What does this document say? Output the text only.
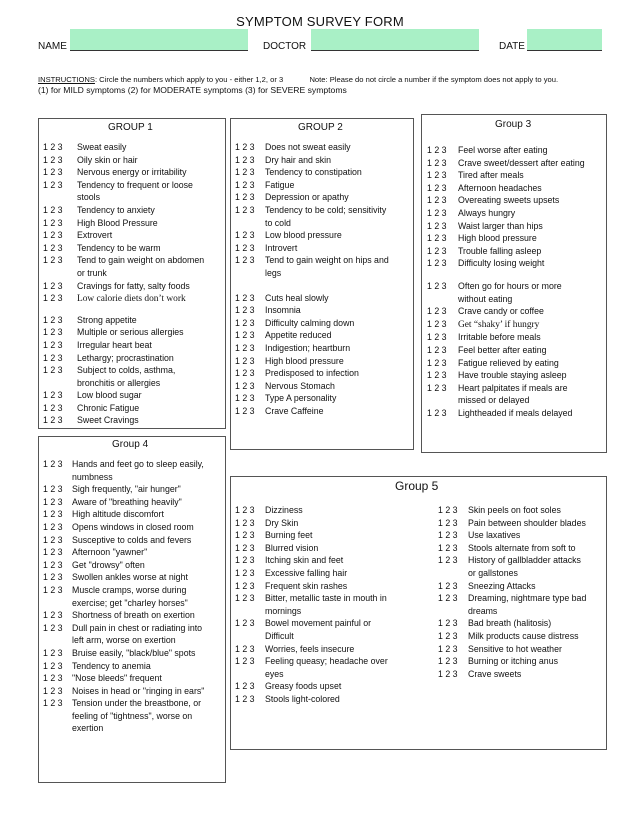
SYMPTOM SURVEY FORM
NAME	DOCTOR	DATE
INSTRUCTIONS: Circle the numbers which apply to you - either 1,2, or 3	Note: Please do not circle a number if the symptom does not apply to you.
(1) for MILD symptoms (2) for MODERATE symptoms (3) for SEVERE symptoms
GROUP 1	GROUP 2	Group 3
Group 4
Group 5
1 2 3 Sweat easily
1 2 3 Oily skin or hair
1 2 3 Nervous energy or irritability
1 2 3 Tendency to frequent or loose
stools
1 2 3 Tendency to anxiety
1 2 3 High Blood Pressure
1 2 3 Extrovert
1 2 3 Tendency to be warm
1 2 3 Tend to gain weight on abdomen
or trunk
1 2 3 Cravings for fatty, salty foods
1 2 3 Low calorie diets don’t work
1 2 3 Strong appetite
1 2 3 Multiple or serious allergies
1 2 3 Irregular heart beat
1 2 3 Lethargy; procrastination
1 2 3 Subject to colds, asthma,
bronchitis or allergies
1 2 3 Low blood sugar
1 2 3 Chronic Fatigue
1 2 3 Sweet Cravings
1 2 3 Does not sweat easily
1 2 3 Dry hair and skin
1 2 3 Tendency to constipation
1 2 3 Fatigue
1 2 3 Depression or apathy
1 2 3 Tendency to be cold; sensitivity
to cold
1 2 3 Low blood pressure
1 2 3 Introvert
1 2 3 Tend to gain weight on hips and
legs
1 2 3 Cuts heal slowly
1 2 3 Insomnia
1 2 3 Difficulty calming down
1 2 3 Appetite reduced
1 2 3 Indigestion; heartburn
1 2 3 High blood pressure
1 2 3 Predisposed to infection
1 2 3 Nervous Stomach
1 2 3 Type A personality
1 2 3 Crave Caffeine
1 2 3 Feel worse after eating
1 2 3 Crave sweet/dessert after eating
1 2 3 Tired after meals
1 2 3 Afternoon headaches
1 2 3 Overeating sweets upsets
1 2 3 Always hungry
1 2 3 Waist larger than hips
1 2 3 High blood pressure
1 2 3 Trouble falling asleep
1 2 3 Difficulty losing weight
1 2 3 Often go for hours or more
without eating
1 2 3 Crave candy or coffee
1 2 3 Get “shaky’ if hungry
1 2 3 Irritable before meals
1 2 3 Feel better after eating
1 2 3 Fatigue relieved by eating
1 2 3 Have trouble staying asleep
1 2 3 Heart palpitates if meals are
missed or delayed
1 2 3 Lightheaded if meals delayed
1 2 3 Hands and feet go to sleep easily,
numbness
1 2 3 Sigh frequently, "air hunger"
1 2 3 Aware of "breathing heavily"
1 2 3 High altitude discomfort
1 2 3 Opens windows in closed room
1 2 3 Susceptive to colds and fevers
1 2 3 Afternoon "yawner"
1 2 3 Get "drowsy" often
1 2 3 Swollen ankles worse at night
1 2 3 Muscle cramps, worse during
exercise; get "charley horses"
1 2 3 Shortness of breath on exertion
1 2 3 Dull pain in chest or radiating into
left arm, worse on exertion
1 2 3 Bruise easily, "black/blue" spots
1 2 3 Tendency to anemia
1 2 3 "Nose bleeds" frequent
1 2 3 Noises in head or "ringing in ears"
1 2 3 Tension under the breastbone, or
feeling of "tightness", worse on
exertion
1 2 3 Dizziness
1 2 3 Dry Skin
1 2 3 Burning feet
1 2 3 Blurred vision
1 2 3 Itching skin and feet
1 2 3 Excessive falling hair
1 2 3 Frequent skin rashes
1 2 3 Bitter, metallic taste in mouth in
mornings
1 2 3 Bowel movement painful or
Difficult
1 2 3 Worries, feels insecure
1 2 3 Feeling queasy; headache over
eyes
1 2 3 Greasy foods upset
1 2 3 Stools light-colored
1 2 3 Skin peels on foot soles
1 2 3 Pain between shoulder blades
1 2 3 Use laxatives
1 2 3 Stools alternate from soft to
1 2 3 History of gallbladder attacks
or gallstones
1 2 3 Sneezing Attacks
1 2 3 Dreaming, nightmare type bad
dreams
1 2 3 Bad breath (halitosis)
1 2 3 Milk products cause distress
1 2 3 Sensitive to hot weather
1 2 3 Burning or itching anus
1 2 3 Crave sweets
